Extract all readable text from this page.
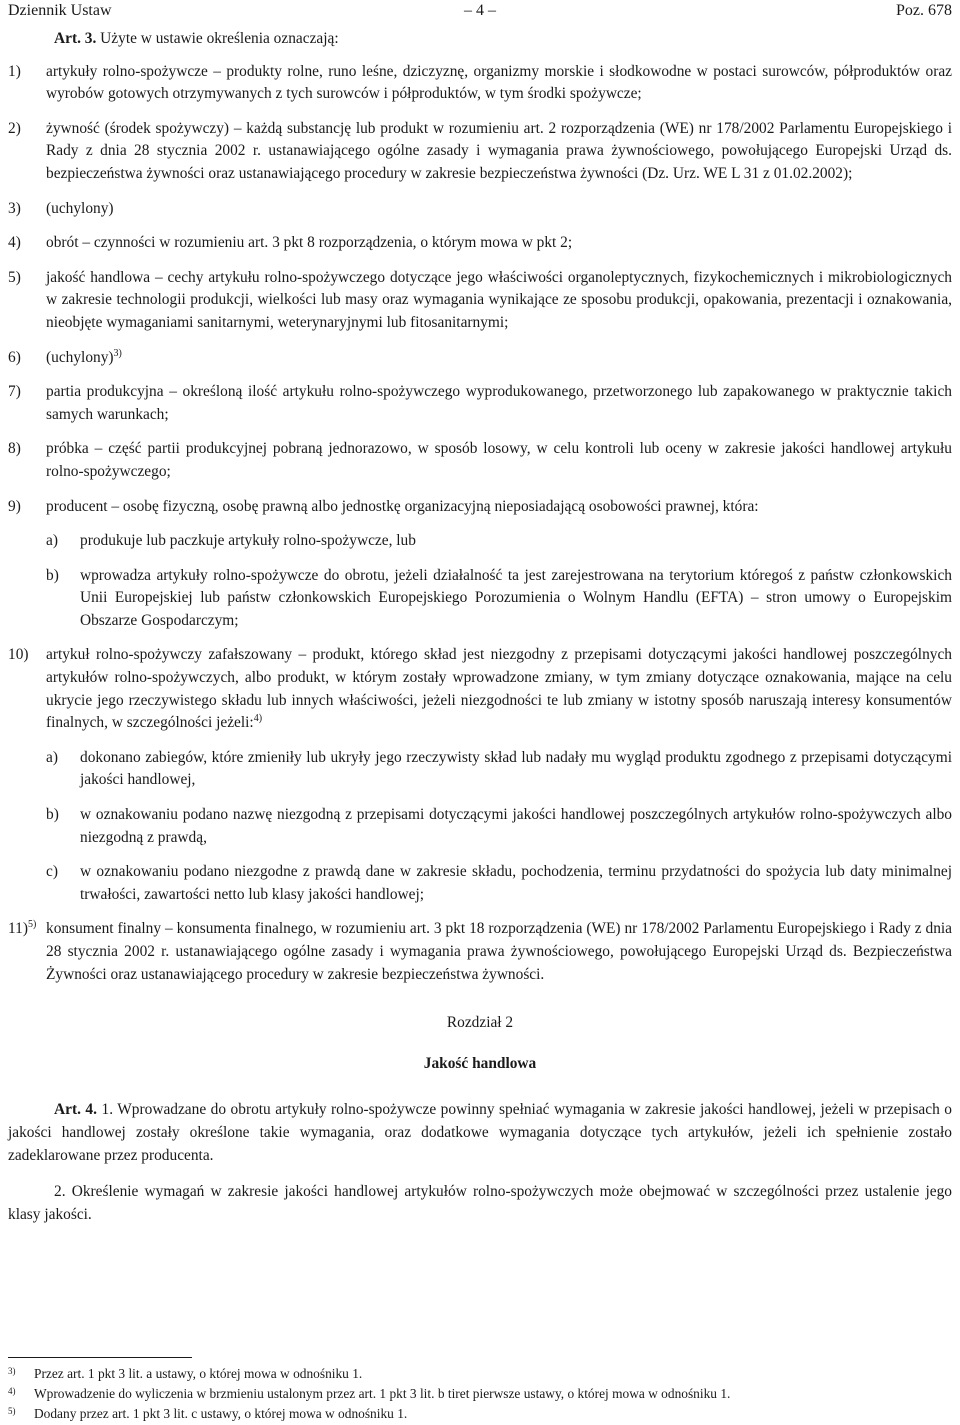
Dziennik Ustaw	– 4 –	Poz. 678

Art. 3. Użyte w ustawie określenia oznaczają:

1)	artykuły rolno-spożywcze – produkty rolne, runo leśne, dziczyznę, organizmy morskie i słodkowodne w postaci surowców, półproduktów oraz wyrobów gotowych otrzymywanych z tych surowców i półproduktów, w tym środki spożywcze;
2)	żywność (środek spożywczy) – każdą substancję lub produkt w rozumieniu art. 2 rozporządzenia (WE) nr 178/2002 Parlamentu Europejskiego i Rady z dnia 28 stycznia 2002 r. ustanawiającego ogólne zasady i wymagania prawa żywnościowego, powołującego Europejski Urząd ds. bezpieczeństwa żywności oraz ustanawiającego procedury w zakresie bezpieczeństwa żywności (Dz. Urz. WE L 31 z 01.02.2002);
3)	(uchylony)
4)	obrót – czynności w rozumieniu art. 3 pkt 8 rozporządzenia, o którym mowa w pkt 2;
5)	jakość handlowa – cechy artykułu rolno-spożywczego dotyczące jego właściwości organoleptycznych, fizykochemicznych i mikrobiologicznych w zakresie technologii produkcji, wielkości lub masy oraz wymagania wynikające ze sposobu produkcji, opakowania, prezentacji i oznakowania, nieobjęte wymaganiami sanitarnymi, weterynaryjnymi lub fitosanitarnymi;
6)	(uchylony)$^{3)}$
7)	partia produkcyjna – określoną ilość artykułu rolno-spożywczego wyprodukowanego, przetworzonego lub zapakowanego w praktycznie takich samych warunkach;
8)	próbka – część partii produkcyjnej pobraną jednorazowo, w sposób losowy, w celu kontroli lub oceny w zakresie jakości handlowej artykułu rolno-spożywczego;
9)	producent – osobę fizyczną, osobę prawną albo jednostkę organizacyjną nieposiadającą osobowości prawnej, która:
a)	produkuje lub paczkuje artykuły rolno-spożywcze, lub
b)	wprowadza artykuły rolno-spożywcze do obrotu, jeżeli działalność ta jest zarejestrowana na terytorium któregoś z państw członkowskich Unii Europejskiej lub państw członkowskich Europejskiego Porozumienia o Wolnym Handlu (EFTA) – stron umowy o Europejskim Obszarze Gospodarczym;
10)	artykuł rolno-spożywczy zafałszowany – produkt, którego skład jest niezgodny z przepisami dotyczącymi jakości handlowej poszczególnych artykułów rolno-spożywczych, albo produkt, w którym zostały wprowadzone zmiany, w tym zmiany dotyczące oznakowania, mające na celu ukrycie jego rzeczywistego składu lub innych właściwości, jeżeli niezgodności te lub zmiany w istotny sposób naruszają interesy konsumentów finalnych, w szczególności jeżeli:$^{4)}$
a)	dokonano zabiegów, które zmieniły lub ukryły jego rzeczywisty skład lub nadały mu wygląd produktu zgodnego z przepisami dotyczącymi jakości handlowej,
b)	w oznakowaniu podano nazwę niezgodną z przepisami dotyczącymi jakości handlowej poszczególnych artykułów rolno-spożywczych albo niezgodną z prawdą,
c)	w oznakowaniu podano niezgodne z prawdą dane w zakresie składu, pochodzenia, terminu przydatności do spożycia lub daty minimalnej trwałości, zawartości netto lub klasy jakości handlowej;
11)$^{5)}$ konsument finalny – konsumenta finalnego, w rozumieniu art. 3 pkt 18 rozporządzenia (WE) nr 178/2002 Parlamentu Europejskiego i Rady z dnia 28 stycznia 2002 r. ustanawiającego ogólne zasady i wymagania prawa żywnościowego, powołującego Europejski Urząd ds. Bezpieczeństwa Żywności oraz ustanawiającego procedury w zakresie bezpieczeństwa żywności.
Rozdział 2
Jakość handlowa

Art. 4. 1. Wprowadzane do obrotu artykuły rolno-spożywcze powinny spełniać wymagania w zakresie jakości handlowej, jeżeli w przepisach o jakości handlowej zostały określone takie wymagania, oraz dodatkowe wymagania dotyczące tych artykułów, jeżeli ich spełnienie zostało zadeklarowane przez producenta.

2. Określenie wymagań w zakresie jakości handlowej artykułów rolno-spożywczych może obejmować w szczególności przez ustalenie jego klasy jakości.

3)	Przez art. 1 pkt 3 lit. a ustawy, o której mowa w odnośniku 1.
4)	Wprowadzenie do wyliczenia w brzmieniu ustalonym przez art. 1 pkt 3 lit. b tiret pierwsze ustawy, o której mowa w odnośniku 1.
5)	Dodany przez art. 1 pkt 3 lit. c ustawy, o której mowa w odnośniku 1.
